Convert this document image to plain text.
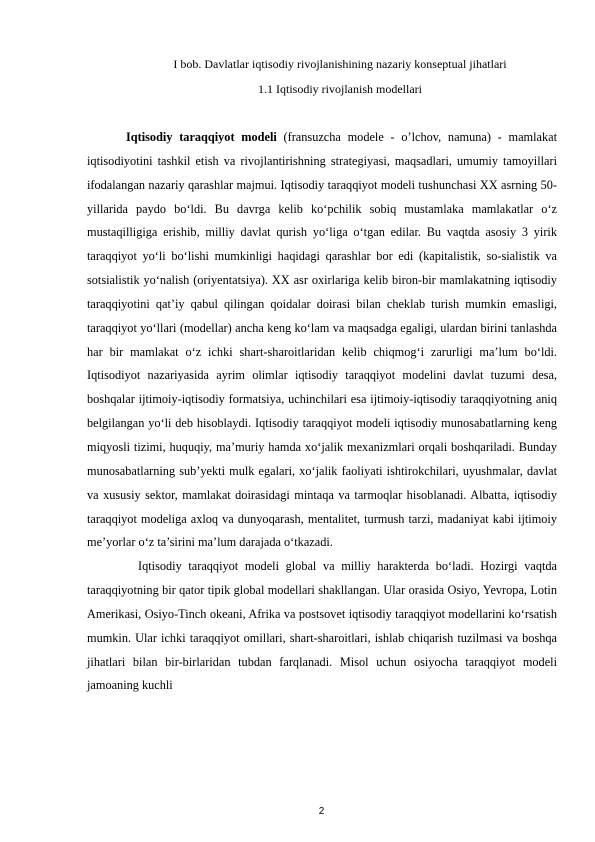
I bob. Davlatlar iqtisodiy rivojlanishining nazariy konseptual jihatlari
1.1 Iqtisodiy rivojlanish modellari

Iqtisodiy taraqqiyot modeli (fransuzcha modele - o’lchov, namuna) - mamlakat iqtisodiyotini tashkil etish va rivojlantirishning strategiyasi, maqsadlari, umumiy tamoyillari ifodalangan nazariy qarashlar majmui. Iqtisodiy taraqqiyot modeli tushunchasi XX asrning 50-yillarida paydo bo‘ldi. Bu davrga kelib ko‘pchilik sobiq mustamlaka mamlakatlar o‘z mustaqilligiga erishib, milliy davlat qurish yo‘liga o‘tgan edilar. Bu vaqtda asosiy 3 yirik taraqqiyot yo‘li bo‘lishi mumkinligi haqidagi qarashlar bor edi (kapitalistik, so-sialistik va sotsialistik yo‘nalish (oriyentatsiya). XX asr oxirlariga kelib biron-bir mamlakatning iqtisodiy taraqqiyotini qat’iy qabul qilingan qoidalar doirasi bilan cheklab turish mumkin emasligi, taraqqiyot yo‘llari (modellar) ancha keng ko‘lam va maqsadga egaligi, ulardan birini tanlashda har bir mamlakat o‘z ichki shart-sharoitlaridan kelib chiqmog‘i zarurligi ma’lum bo‘ldi. Iqtisodiyot nazariyasida ayrim olimlar iqtisodiy taraqqiyot modelini davlat tuzumi desa, boshqalar ijtimoiy-iqtisodiy formatsiya, uchinchilari esa ijtimoiy-iqtisodiy taraqqiyotning aniq belgilangan yo‘li deb hisoblaydi. Iqtisodiy taraqqiyot modeli iqtisodiy munosabatlarning keng miqyosli tizimi, huquqiy, ma’muriy hamda xo‘jalik mexanizmlari orqali boshqariladi. Bunday munosabatlarning sub’yekti mulk egalari, xo‘jalik faoliyati ishtirokchilari, uyushmalar, davlat va xususiy sektor, mamlakat doirasidagi mintaqa va tarmoqlar hisoblanadi. Albatta, iqtisodiy taraqqiyot modeliga axloq va dunyoqarash, mentalitet, turmush tarzi, madaniyat kabi ijtimoiy me’yorlar o‘z ta’sirini ma’lum darajada o‘tkazadi.

Iqtisodiy taraqqiyot modeli global va milliy harakterda bo‘ladi. Hozirgi vaqtda taraqqiyotning bir qator tipik global modellari shakllangan. Ular orasida Osiyo, Yevropa, Lotin Amerikasi, Osiyo-Tinch okeani, Afrika va postsovet iqtisodiy taraqqiyot modellarini ko‘rsatish mumkin. Ular ichki taraqqiyot omillari, shart-sharoitlari, ishlab chiqarish tuzilmasi va boshqa jihatlari bilan bir-birlaridan tubdan farqlanadi. Misol uchun osiyocha taraqqiyot modeli jamoaning kuchli

2
